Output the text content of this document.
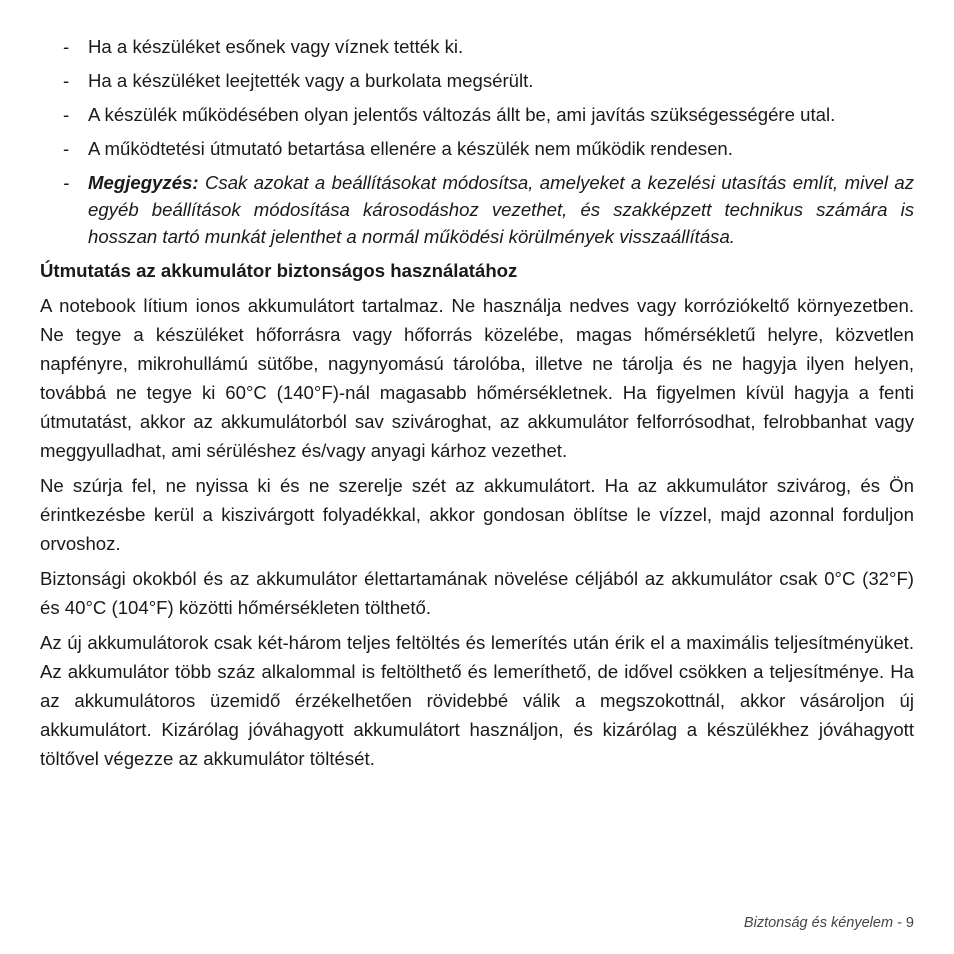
- Ha a készüléket esőnek vagy víznek tették ki.
- Ha a készüléket leejtették vagy a burkolata megsérült.
- A készülék működésében olyan jelentős változás állt be, ami javítás szükségességére utal.
- A működtetési útmutató betartása ellenére a készülék nem működik rendesen.
- Megjegyzés: Csak azokat a beállításokat módosítsa, amelyeket a kezelési utasítás említ, mivel az egyéb beállítások módosítása károsodáshoz vezethet, és szakképzett technikus számára is hosszan tartó munkát jelenthet a normál működési körülmények visszaállítása.
Útmutatás az akkumulátor biztonságos használatához

A notebook lítium ionos akkumulátort tartalmaz. Ne használja nedves vagy korróziókeltő környezetben. Ne tegye a készüléket hőforrásra vagy hőforrás közelébe, magas hőmérsékletű helyre, közvetlen napfényre, mikrohullámú sütőbe, nagynyomású tárolóba, illetve ne tárolja és ne hagyja ilyen helyen, továbbá ne tegye ki 60°C (140°F)-nál magasabb hőmérsékletnek. Ha figyelmen kívül hagyja a fenti útmutatást, akkor az akkumulátorból sav szivároghat, az akkumulátor felforrósodhat, felrobbanhat vagy meggyulladhat, ami sérüléshez és/vagy anyagi kárhoz vezethet.

Ne szúrja fel, ne nyissa ki és ne szerelje szét az akkumulátort. Ha az akkumulátor szivárog, és Ön érintkezésbe kerül a kiszivárgott folyadékkal, akkor gondosan öblítse le vízzel, majd azonnal forduljon orvoshoz.

Biztonsági okokból és az akkumulátor élettartamának növelése céljából az akkumulátor csak 0°C (32°F) és 40°C (104°F) közötti hőmérsékleten tölthető.

Az új akkumulátorok csak két-három teljes feltöltés és lemerítés után érik el a maximális teljesítményüket. Az akkumulátor több száz alkalommal is feltölthető és lemeríthető, de idővel csökken a teljesítménye. Ha az akkumulátoros üzemidő érzékelhetően rövidebbé válik a megszokottnál, akkor vásároljon új akkumulátort. Kizárólag jóváhagyott akkumulátort használjon, és kizárólag a készülékhez jóváhagyott töltővel végezze az akkumulátor töltését.

Biztonság és kényelem - 9
